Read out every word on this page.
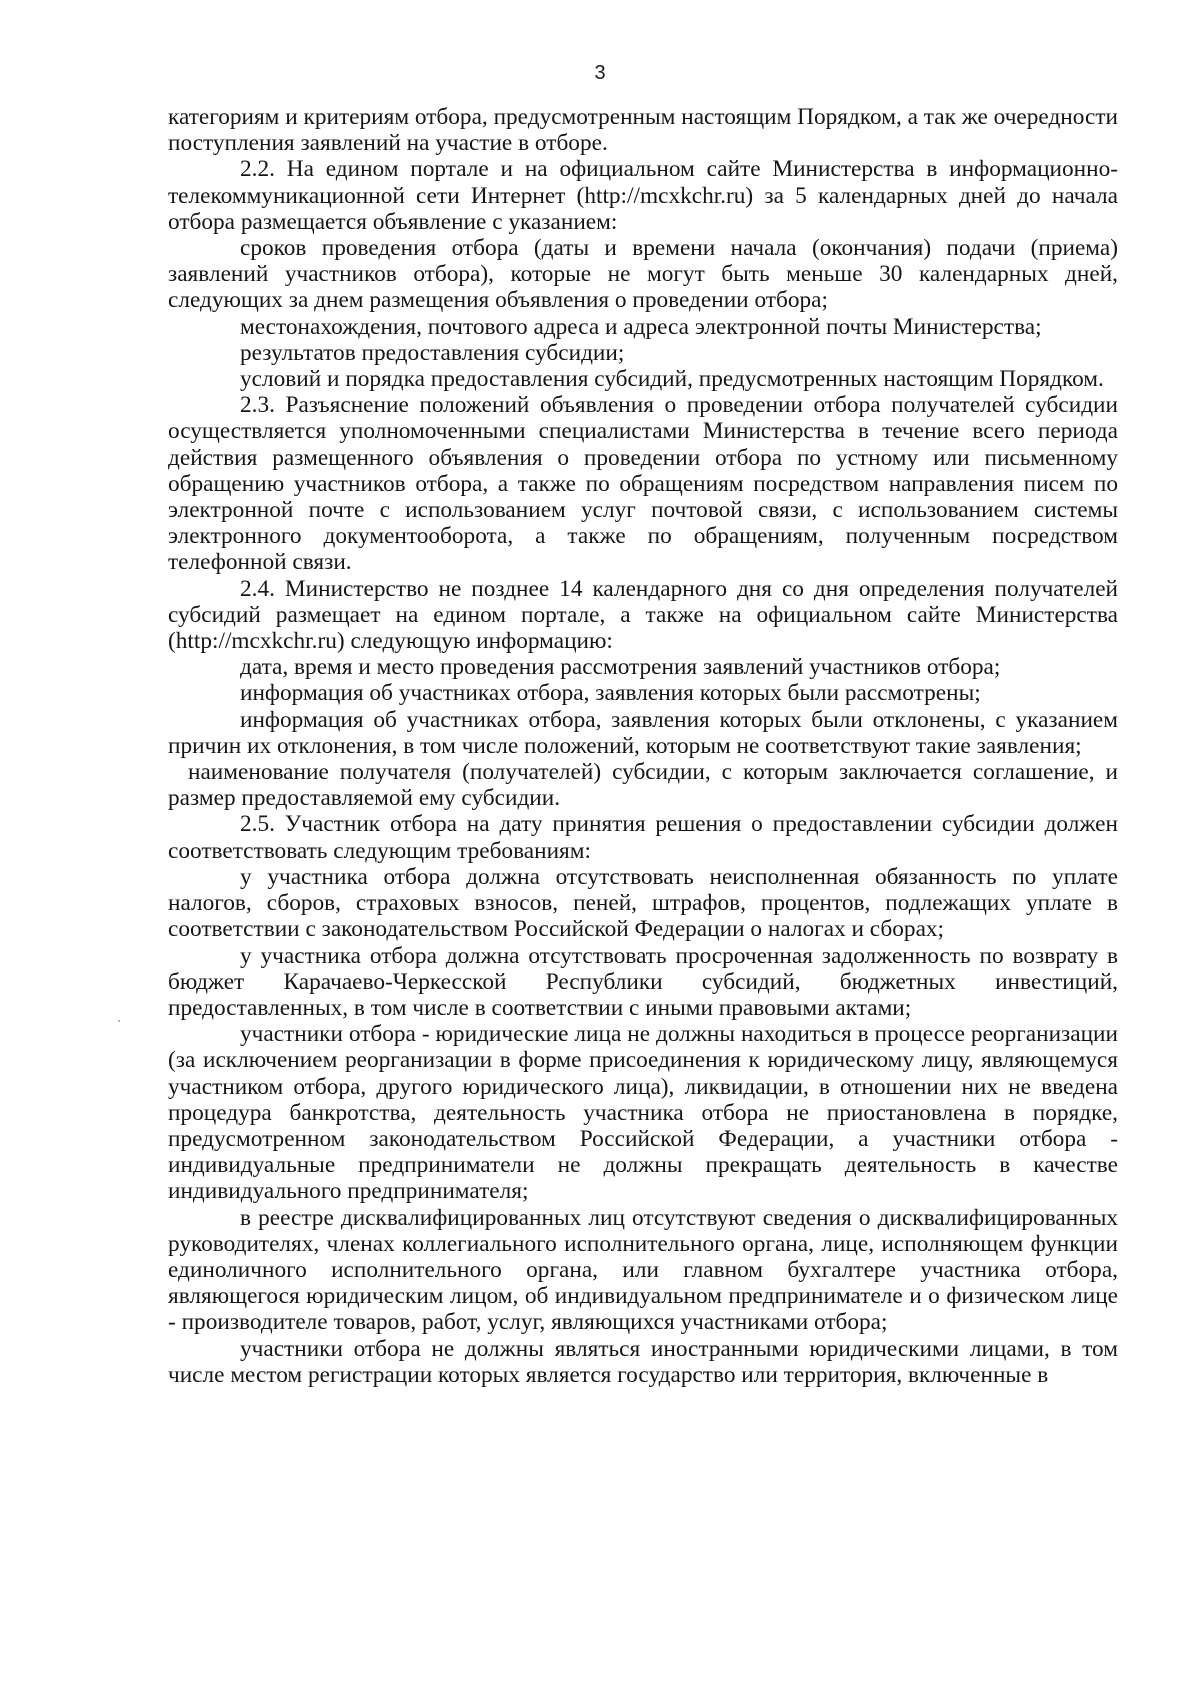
3

категориям и критериям отбора, предусмотренным настоящим Порядком, а так же очередности поступления заявлений на участие в отборе.

2.2. На едином портале и на официальном сайте Министерства в информационно-телекоммуникационной сети Интернет (http://mcxkchr.ru) за 5 календарных дней до начала отбора размещается объявление с указанием:

сроков проведения отбора (даты и времени начала (окончания) подачи (приема) заявлений участников отбора), которые не могут быть меньше 30 календарных дней, следующих за днем размещения объявления о проведении отбора;

местонахождения, почтового адреса и адреса электронной почты Министерства;

результатов предоставления субсидии;

условий и порядка предоставления субсидий, предусмотренных настоящим Порядком.

2.3. Разъяснение положений объявления о проведении отбора получателей субсидии осуществляется уполномоченными специалистами Министерства в течение всего периода действия размещенного объявления о проведении отбора по устному или письменному обращению участников отбора, а также по обращениям посредством направления писем по электронной почте с использованием услуг почтовой связи, с использованием системы электронного документооборота, а также по обращениям, полученным посредством телефонной связи.

2.4. Министерство не позднее 14 календарного дня со дня определения получателей субсидий размещает на едином портале, а также на официальном сайте Министерства (http://mcxkchr.ru) следующую информацию:

дата, время и место проведения рассмотрения заявлений участников отбора;

информация об участниках отбора, заявления которых были рассмотрены;

информация об участниках отбора, заявления которых были отклонены, с указанием причин их отклонения, в том числе положений, которым не соответствуют такие заявления;

наименование получателя (получателей) субсидии, с которым заключается соглашение, и размер предоставляемой ему субсидии.

2.5. Участник отбора на дату принятия решения о предоставлении субсидии должен соответствовать следующим требованиям:

у участника отбора должна отсутствовать неисполненная обязанность по уплате налогов, сборов, страховых взносов, пеней, штрафов, процентов, подлежащих уплате в соответствии с законодательством Российской Федерации о налогах и сборах;

у участника отбора должна отсутствовать просроченная задолженность по возврату в бюджет Карачаево-Черкесской Республики субсидий, бюджетных инвестиций, предоставленных, в том числе в соответствии с иными правовыми актами;

участники отбора - юридические лица не должны находиться в процессе реорганизации (за исключением реорганизации в форме присоединения к юридическому лицу, являющемуся участником отбора, другого юридического лица), ликвидации, в отношении них не введена процедура банкротства, деятельность участника отбора не приостановлена в порядке, предусмотренном законодательством Российской Федерации, а участники отбора - индивидуальные предприниматели не должны прекращать деятельность в качестве индивидуального предпринимателя;

в реестре дисквалифицированных лиц отсутствуют сведения о дисквалифицированных руководителях, членах коллегиального исполнительного органа, лице, исполняющем функции единоличного исполнительного органа, или главном бухгалтере участника отбора, являющегося юридическим лицом, об индивидуальном предпринимателе и о физическом лице - производителе товаров, работ, услуг, являющихся участниками отбора;

участники отбора не должны являться иностранными юридическими лицами, в том числе местом регистрации которых является государство или территория, включенные в
